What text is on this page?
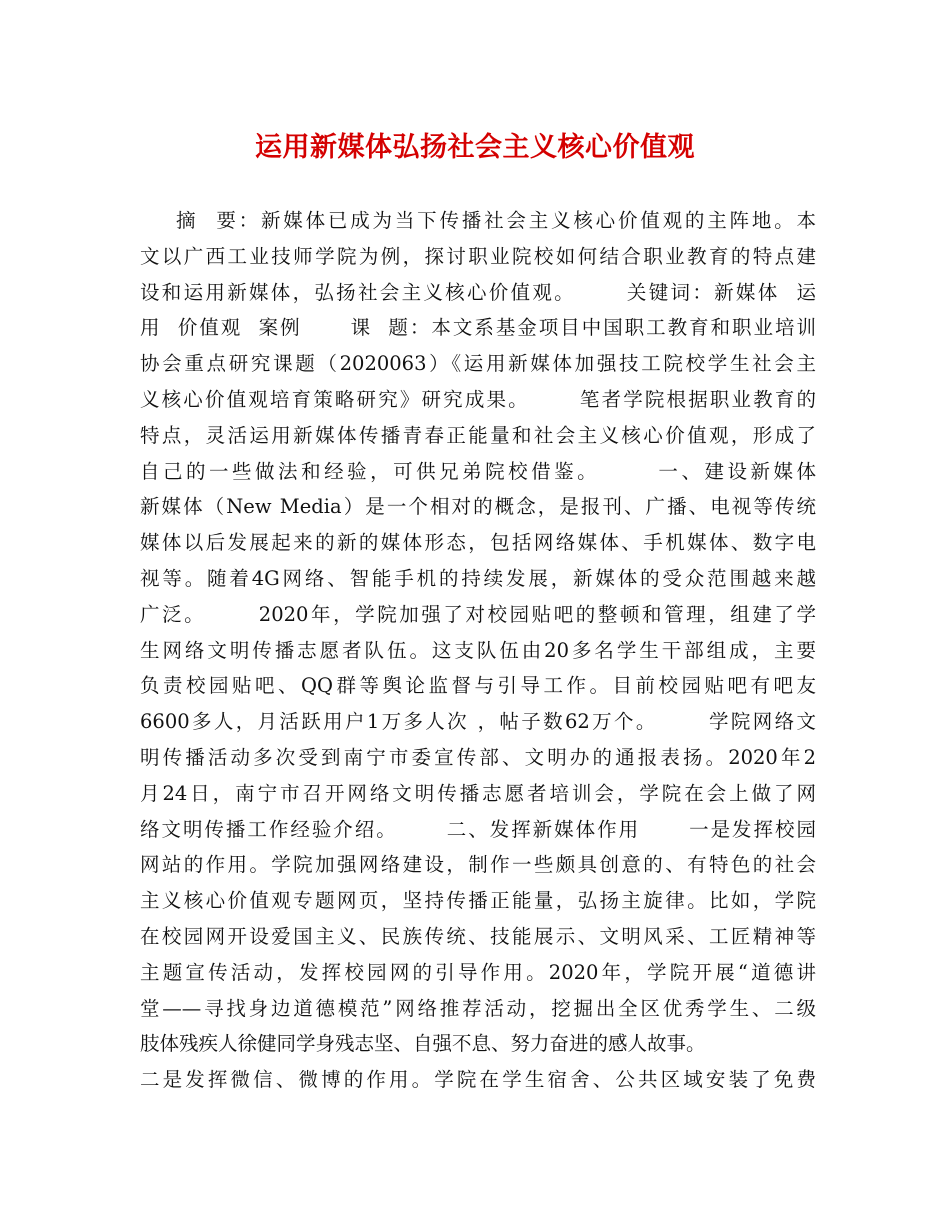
运用新媒体弘扬社会主义核心价值观
摘  要：新媒体已成为当下传播社会主义核心价值观的主阵地。本
文以广西工业技师学院为例，探讨职业院校如何结合职业教育的特点建
设和运用新媒体，弘扬社会主义核心价值观。      关键词：新媒体  运
用  价值观  案例      课  题：本文系基金项目中国职工教育和职业培训
协会重点研究课题（2020063）《运用新媒体加强技工院校学生社会主
义核心价值观培育策略研究》研究成果。      笔者学院根据职业教育的
特点，灵活运用新媒体传播青春正能量和社会主义核心价值观，形成了
自己的一些做法和经验，可供兄弟院校借鉴。      一、建设新媒体
新媒体（New Media）是一个相对的概念，是报刊、广播、电视等传统
媒体以后发展起来的新的媒体形态，包括网络媒体、手机媒体、数字电
视等。随着4G网络、智能手机的持续发展，新媒体的受众范围越来越
广泛。      2020年，学院加强了对校园贴吧的整顿和管理，组建了学
生网络文明传播志愿者队伍。这支队伍由20多名学生干部组成，主要
负责校园贴吧、QQ群等舆论监督与引导工作。目前校园贴吧有吧友
6600多人，月活跃用户1万多人次 ，帖子数62万个。      学院网络文
明传播活动多次受到南宁市委宣传部、文明办的通报表扬。2020年2
月24日，南宁市召开网络文明传播志愿者培训会，学院在会上做了网
络文明传播工作经验介绍。      二、发挥新媒体作用      一是发挥校园
网站的作用。学院加强网络建设，制作一些颇具创意的、有特色的社会
主义核心价值观专题网页，坚持传播正能量，弘扬主旋律。比如，学院
在校园网开设爱国主义、民族传统、技能展示、文明风采、工匠精神等
主题宣传活动，发挥校园网的引导作用。2020年，学院开展“道德讲
堂——寻找身边道德模范”网络推荐活动，挖掘出全区优秀学生、二级
肢体残疾人徐健同学身残志坚、自强不息、努力奋进的感人故事。
二是发挥微信、微博的作用。学院在学生宿舍、公共区域安装了免费
